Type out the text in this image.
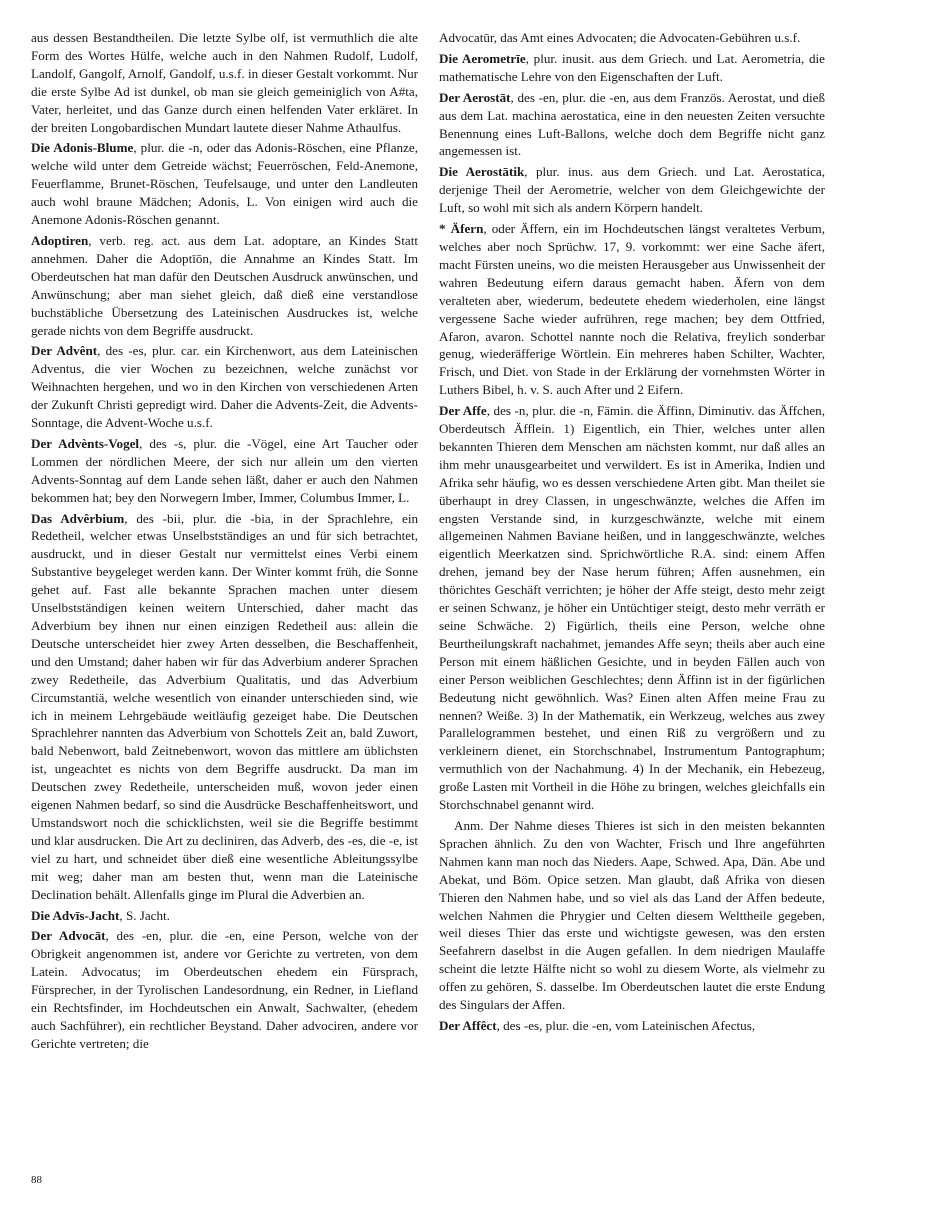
aus dessen Bestandtheilen. Die letzte Sylbe olf, ist vermuthlich die alte Form des Wortes Hülfe, welche auch in den Nahmen Rudolf, Ludolf, Landolf, Gangolf, Arnolf, Gandolf, u.s.f. in dieser Gestalt vorkommt. Nur die erste Sylbe Ad ist dunkel, ob man sie gleich gemeiniglich von A#ta, Vater, herleitet, und das Ganze durch einen helfenden Vater erkläret. In der breiten Longobardischen Mundart lautete dieser Nahme Athaulfus.

Die Adonis-Blume, plur. die -n, oder das Adonis-Röschen, eine Pflanze, welche wild unter dem Getreide wächst; Feuerröschen, Feld-Anemone, Feuerflamme, Brunet-Röschen, Teufelsauge, und unter den Landleuten auch wohl braune Mädchen; Adonis, L. Von einigen wird auch die Anemone Adonis-Röschen genannt.

Adoptiren, verb. reg. act. aus dem Lat. adoptare, an Kindes Statt annehmen. Daher die Adoptīōn, die Annahme an Kindes Statt. Im Oberdeutschen hat man dafür den Deutschen Ausdruck anwünschen, und Anwünschung; aber man siehet gleich, daß dieß eine verstandlose buchstäbliche Übersetzung des Lateinischen Ausdruckes ist, welche gerade nichts von dem Begriffe ausdruckt.

Der Advênt, des -es, plur. car. ein Kirchenwort, aus dem Lateinischen Adventus, die vier Wochen zu bezeichnen, welche zunächst vor Weihnachten hergehen, und wo in den Kirchen von verschiedenen Arten der Zukunft Christi gepredigt wird. Daher die Advents-Zeit, die Advents-Sonntage, die Advent-Woche u.s.f.

Der Advènts-Vogel, des -s, plur. die -Vögel, eine Art Taucher oder Lommen der nördlichen Meere, der sich nur allein um den vierten Advents-Sonntag auf dem Lande sehen läßt, daher er auch den Nahmen bekommen hat; bey den Norwegern Imber, Immer, Columbus Immer, L.

Das Advêrbium, des -bii, plur. die -bia, in der Sprachlehre, ein Redetheil, welcher etwas Unselbstständiges an und für sich betrachtet, ausdruckt, und in dieser Gestalt nur vermittelst eines Verbi einem Substantive beygeleget werden kann. Der Winter kommt früh, die Sonne gehet auf. Fast alle bekannte Sprachen machen unter diesem Unselbstständigen keinen weitern Unterschied, daher macht das Adverbium bey ihnen nur einen einzigen Redetheil aus: allein die Deutsche unterscheidet hier zwey Arten desselben, die Beschaffenheit, und den Umstand; daher haben wir für das Adverbium anderer Sprachen zwey Redetheile, das Adverbium Qualitatis, und das Adverbium Circumstantiä, welche wesentlich von einander unterschieden sind, wie ich in meinem Lehrgebäude weitläufig gezeiget habe. Die Deutschen Sprachlehrer nannten das Adverbium von Schottels Zeit an, bald Zuwort, bald Nebenwort, bald Zeitnebenwort, wovon das mittlere am üblichsten ist, ungeachtet es nichts von dem Begriffe ausdruckt. Da man im Deutschen zwey Redetheile, unterscheiden muß, wovon jeder einen eigenen Nahmen bedarf, so sind die Ausdrücke Beschaffenheitswort, und Umstandswort noch die schicklichsten, weil sie die Begriffe bestimmt und klar ausdrucken. Die Art zu decliniren, das Adverb, des -es, die -e, ist viel zu hart, und schneidet über dieß eine wesentliche Ableitungssylbe mit weg; daher man am besten thut, wenn man die Lateinische Declination behält. Allenfalls ginge im Plural die Adverbien an.

Die Advīs-Jacht, S. Jacht.

Der Advocāt, des -en, plur. die -en, eine Person, welche von der Obrigkeit angenommen ist, andere vor Gerichte zu vertreten, von dem Latein. Advocatus; im Oberdeutschen ehedem ein Fürsprach, Fürsprecher, in der Tyrolischen Landesordnung, ein Redner, in Liefland ein Rechtsfinder, im Hochdeutschen ein Anwalt, Sachwalter, (ehedem auch Sachführer), ein rechtlicher Beystand. Daher advociren, andere vor Gerichte vertreten; die

Advocatūr, das Amt eines Advocaten; die Advocaten-Gebühren u.s.f.

Die Aerometrīe, plur. inusit. aus dem Griech. und Lat. Aerometria, die mathematische Lehre von den Eigenschaften der Luft.

Der Aerostāt, des -en, plur. die -en, aus dem Französ. Aerostat, und dieß aus dem Lat. machina aerostatica, eine in den neuesten Zeiten versuchte Benennung eines Luft-Ballons, welche doch dem Begriffe nicht ganz angemessen ist.

Die Aerostātik, plur. inus. aus dem Griech. und Lat. Aerostatica, derjenige Theil der Aerometrie, welcher von dem Gleichgewichte der Luft, so wohl mit sich als andern Körpern handelt.

* Äfern, oder Äffern, ein im Hochdeutschen längst veraltetes Verbum, welches aber noch Sprüchw. 17, 9. vorkommt: wer eine Sache äfert, macht Fürsten uneins, wo die meisten Herausgeber aus Unwissenheit der wahren Bedeutung eifern daraus gemacht haben. Äfern von dem veralteten aber, wiederum, bedeutete ehedem wiederholen, eine längst vergessene Sache wieder aufrühren, rege machen; bey dem Ottfried, Afaron, avaron. Schottel nannte noch die Relativa, freylich sonderbar genug, wiederäfferige Wörtlein. Ein mehreres haben Schilter, Wachter, Frisch, und Diet. von Stade in der Erklärung der vornehmsten Wörter in Luthers Bibel, h. v. S. auch After und 2 Eifern.

Der Affe, des -n, plur. die -n, Fämin. die Äffinn, Diminutiv. das Äffchen, Oberdeutsch Äfflein. 1) Eigentlich, ein Thier, welches unter allen bekannten Thieren dem Menschen am nächsten kommt, nur daß alles an ihm mehr unausgearbeitet und verwildert. Es ist in Amerika, Indien und Afrika sehr häufig, wo es dessen verschiedene Arten gibt. Man theilet sie überhaupt in drey Classen, in ungeschwänzte, welches die Affen im engsten Verstande sind, in kurzgeschwänzte, welche mit einem allgemeinen Nahmen Baviane heißen, und in langgeschwänzte, welches eigentlich Meerkatzen sind. Sprichwörtliche R.A. sind: einem Affen drehen, jemand bey der Nase herum führen; Affen ausnehmen, ein thörichtes Geschäft verrichten; je höher der Affe steigt, desto mehr zeigt er seinen Schwanz, je höher ein Untüchtiger steigt, desto mehr verräth er seine Schwäche. 2) Figürlich, theils eine Person, welche ohne Beurtheilungskraft nachahmet, jemandes Affe seyn; theils aber auch eine Person mit einem häßlichen Gesichte, und in beyden Fällen auch von einer Person weiblichen Geschlechtes; denn Äffinn ist in der figürlichen Bedeutung nicht gewöhnlich. Was? Einen alten Affen meine Frau zu nennen? Weiße. 3) In der Mathematik, ein Werkzeug, welches aus zwey Parallelogrammen bestehet, und einen Riß zu vergrößern und zu verkleinern dienet, ein Storchschnabel, Instrumentum Pantographum; vermuthlich von der Nachahmung. 4) In der Mechanik, ein Hebezeug, große Lasten mit Vortheil in die Höhe zu bringen, welches gleichfalls ein Storchschnabel genannt wird.

Anm. Der Nahme dieses Thieres ist sich in den meisten bekannten Sprachen ähnlich. Zu den von Wachter, Frisch und Ihre angeführten Nahmen kann man noch das Nieders. Aape, Schwed. Apa, Dän. Abe und Abekat, und Böm. Opice setzen. Man glaubt, daß Afrika von diesen Thieren den Nahmen habe, und so viel als das Land der Affen bedeute, welchen Nahmen die Phrygier und Celten diesem Welttheile gegeben, weil dieses Thier das erste und wichtigste gewesen, was den ersten Seefahrern daselbst in die Augen gefallen. In dem niedrigen Maulaffe scheint die letzte Hälfte nicht so wohl zu diesem Worte, als vielmehr zu offen zu gehören, S. dasselbe. Im Oberdeutschen lautet die erste Endung des Singulars der Affen.

Der Affêct, des -es, plur. die -en, vom Lateinischen Afectus,

88
